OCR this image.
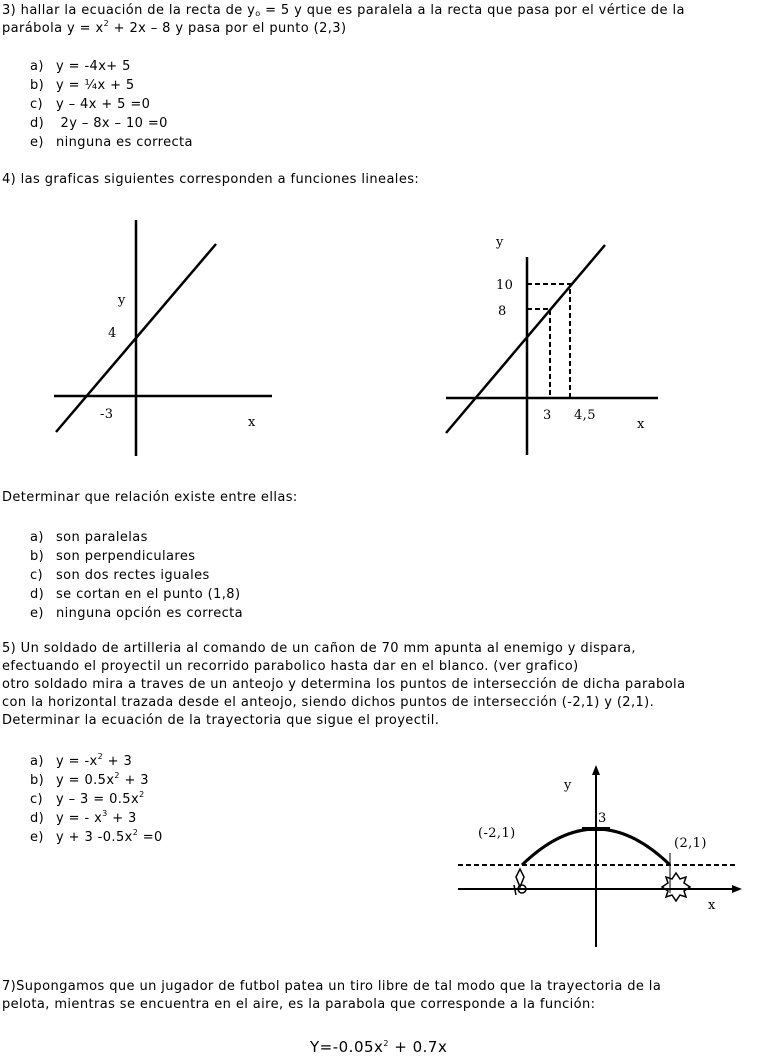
3) hallar la ecuación de la recta de $y_o = 5$ y que es paralela a la recta que pasa por el vértice de la
parábola $y = x^2 + 2x - 8$ y pasa por el punto (2,3)
a) y = -4x+ 5
b) y = ¼x + 5
c) y – 4x + 5 =0
d) 2y – 8x – 10 =0
e) ninguna es correcta
4) las graficas siguientes corresponden a funciones lineales:
y
4
-3
x
y
10
8
3 4,5
x
Determinar que relación existe entre ellas:
a) son paralelas
b) son perpendiculares
c) son dos rectes iguales
d) se cortan en el punto (1,8)
e) ninguna opción es correcta
5) Un soldado de artilleria al comando de un cañon de 70 mm apunta al enemigo y dispara,
efectuando el proyectil un recorrido parabolico hasta dar en el blanco. (ver grafico)
otro soldado mira a traves de un anteojo y determina los puntos de intersección de dicha parabola
con la horizontal trazada desde el anteojo, siendo dichos puntos de intersección (-2,1) y (2,1).
Determinar la ecuación de la trayectoria que sigue el proyectil.
a) $y = -x^2 + 3$
b) $y = 0.5x^2 + 3$
c) $y - 3 = 0.5x^2$
d) y = - $x^3 + 3$
e) y + 3 $-0.5x^2 =0$
y
3
(-2,1)
(2,1)
x
7)Supongamos que un jugador de futbol patea un tiro libre de tal modo que la trayectoria de la
pelota, mientras se encuentra en el aire, es la parabola que corresponde a la función:
$Y=-0.05x^2 + 0.7x$
